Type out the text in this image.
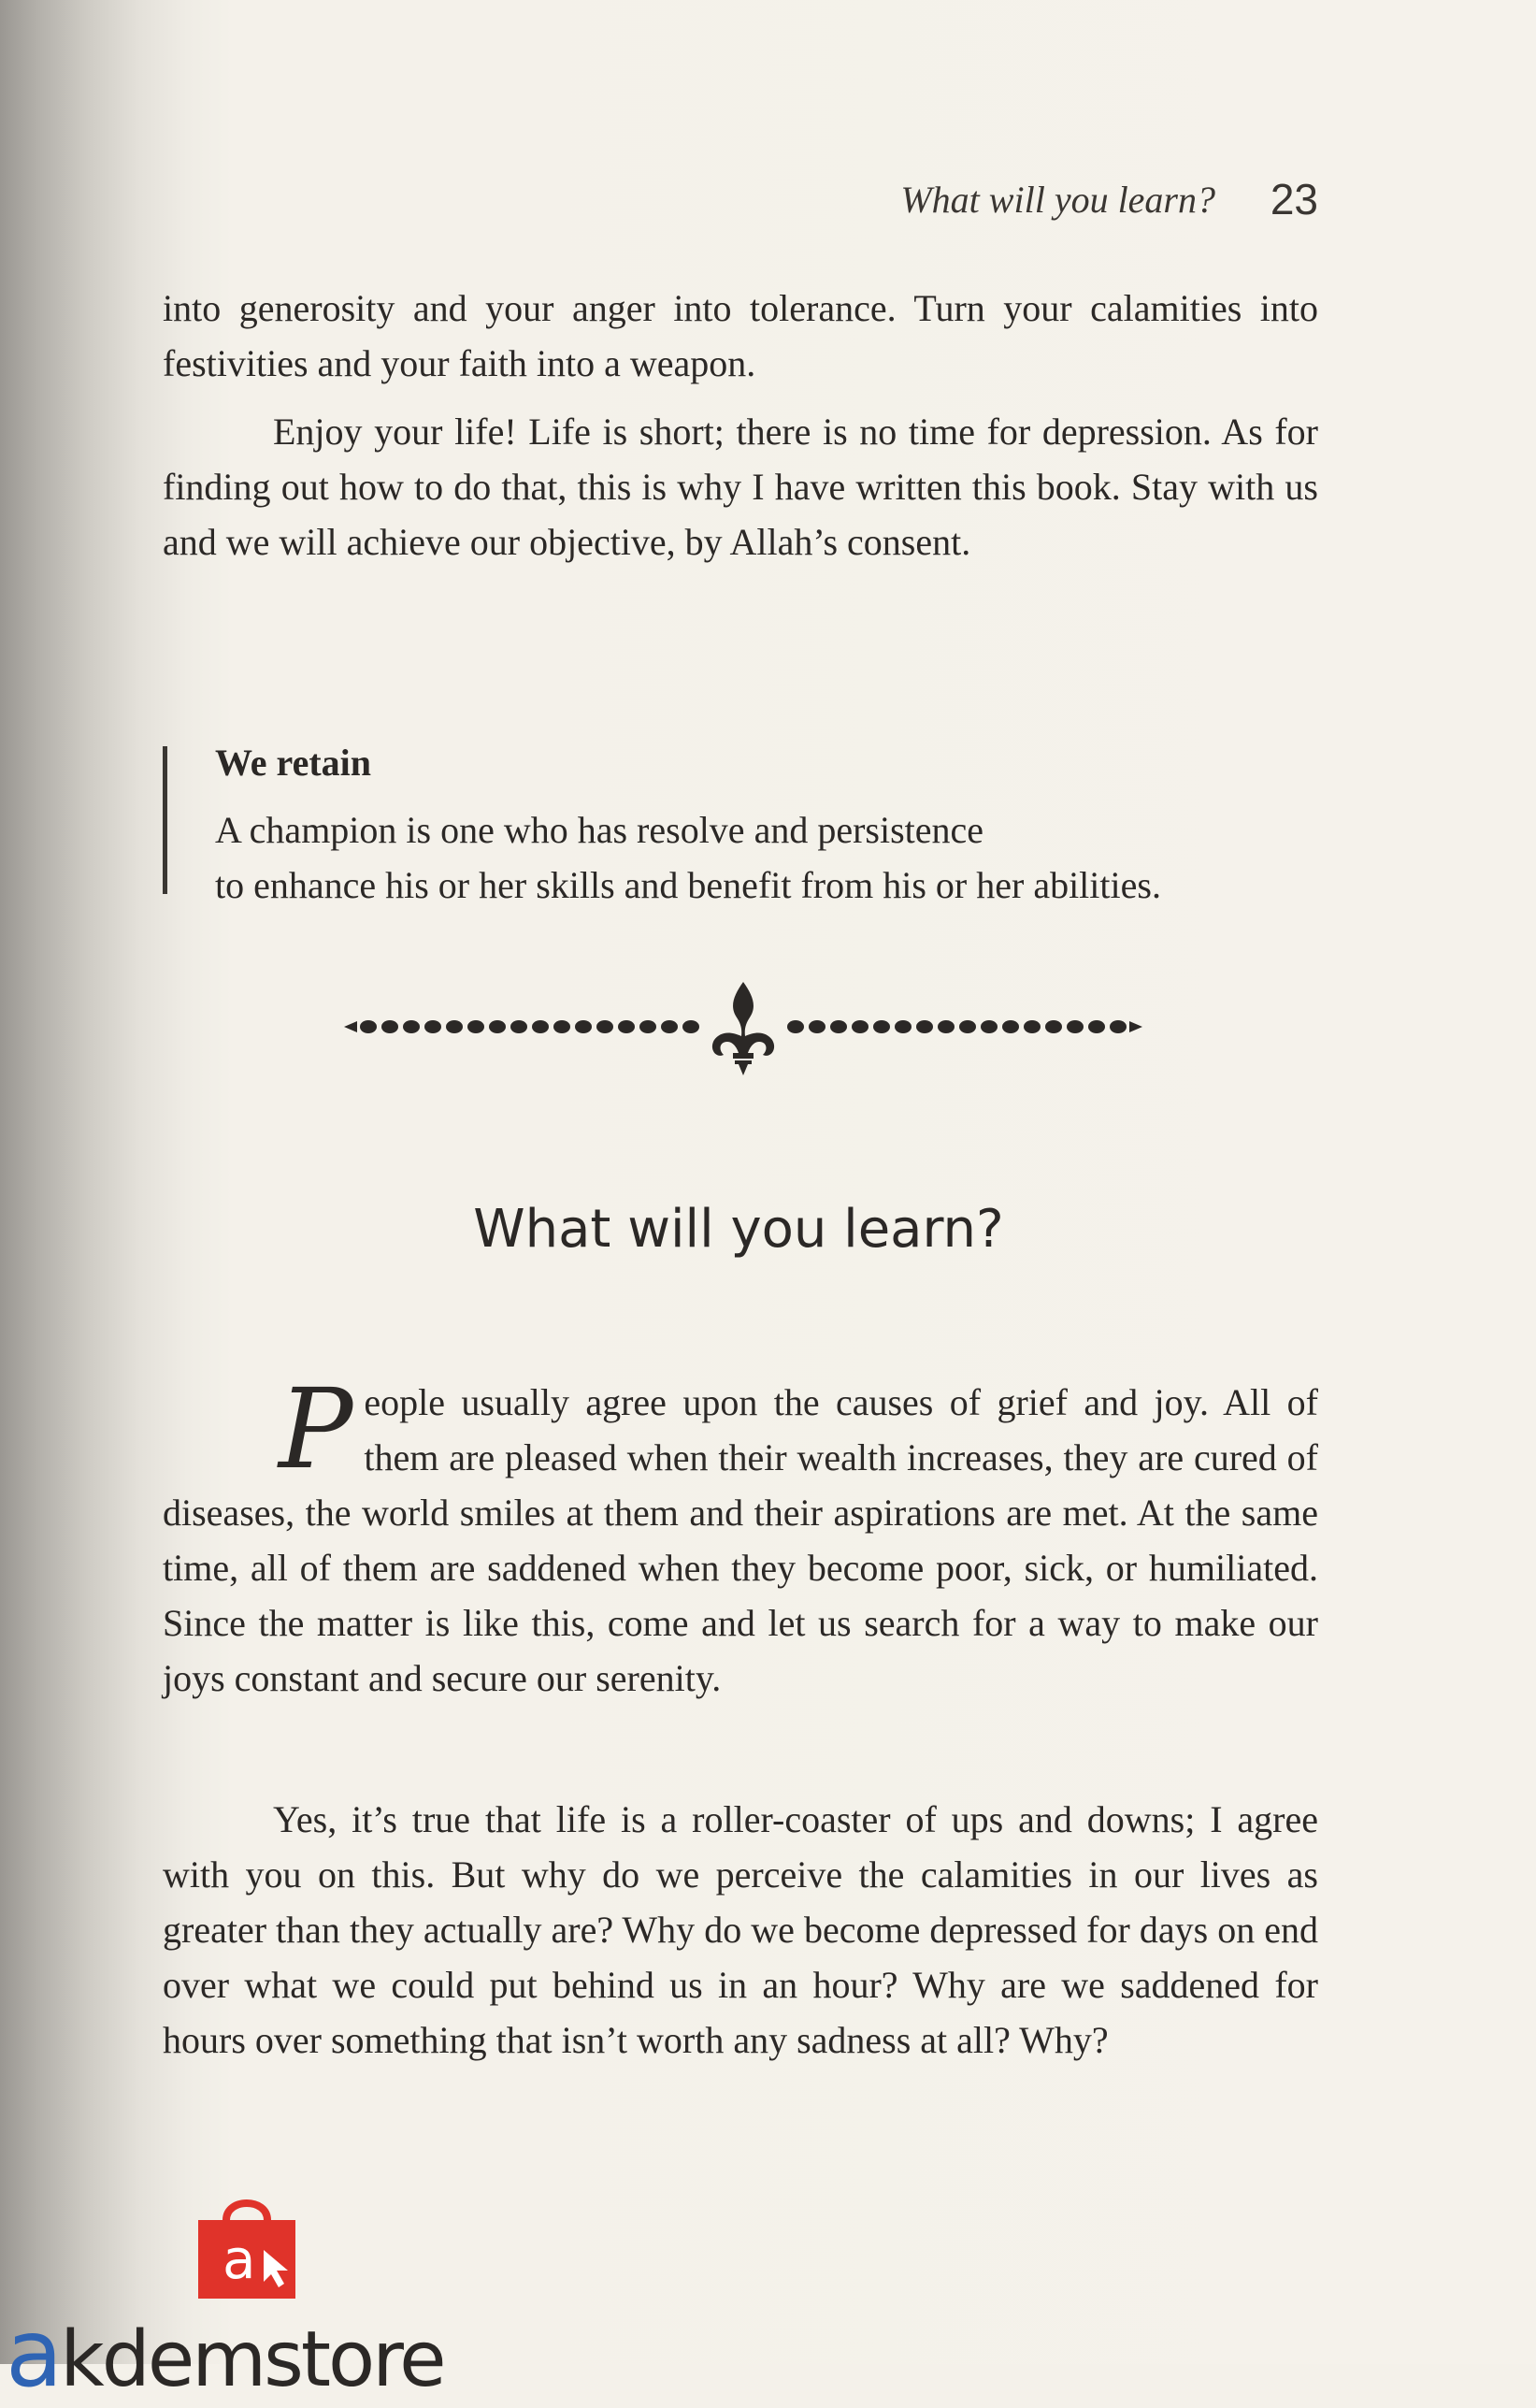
What will you learn? 23

into generosity and your anger into tolerance. Turn your calamities into festivities and your faith into a weapon.

Enjoy your life! Life is short; there is no time for depression. As for finding out how to do that, this is why I have written this book. Stay with us and we will achieve our objective, by Allah’s consent.

We retain
A champion is one who has resolve and persistence
to enhance his or her skills and benefit from his or her abilities.
What will you learn?
People usually agree upon the causes of grief and joy. All of them are pleased when their wealth increases, they are cured of diseases, the world smiles at them and their aspirations are met. At the same time, all of them are saddened when they become poor, sick, or humiliated. Since the matter is like this, come and let us search for a way to make our joys constant and secure our serenity.

Yes, it’s true that life is a roller-coaster of ups and downs; I agree with you on this. But why do we perceive the calamities in our lives as greater than they actually are? Why do we become depressed for days on end over what we could put behind us in an hour? Why are we saddened for hours over something that isn’t worth any sadness at all? Why?

a
akdemstore
